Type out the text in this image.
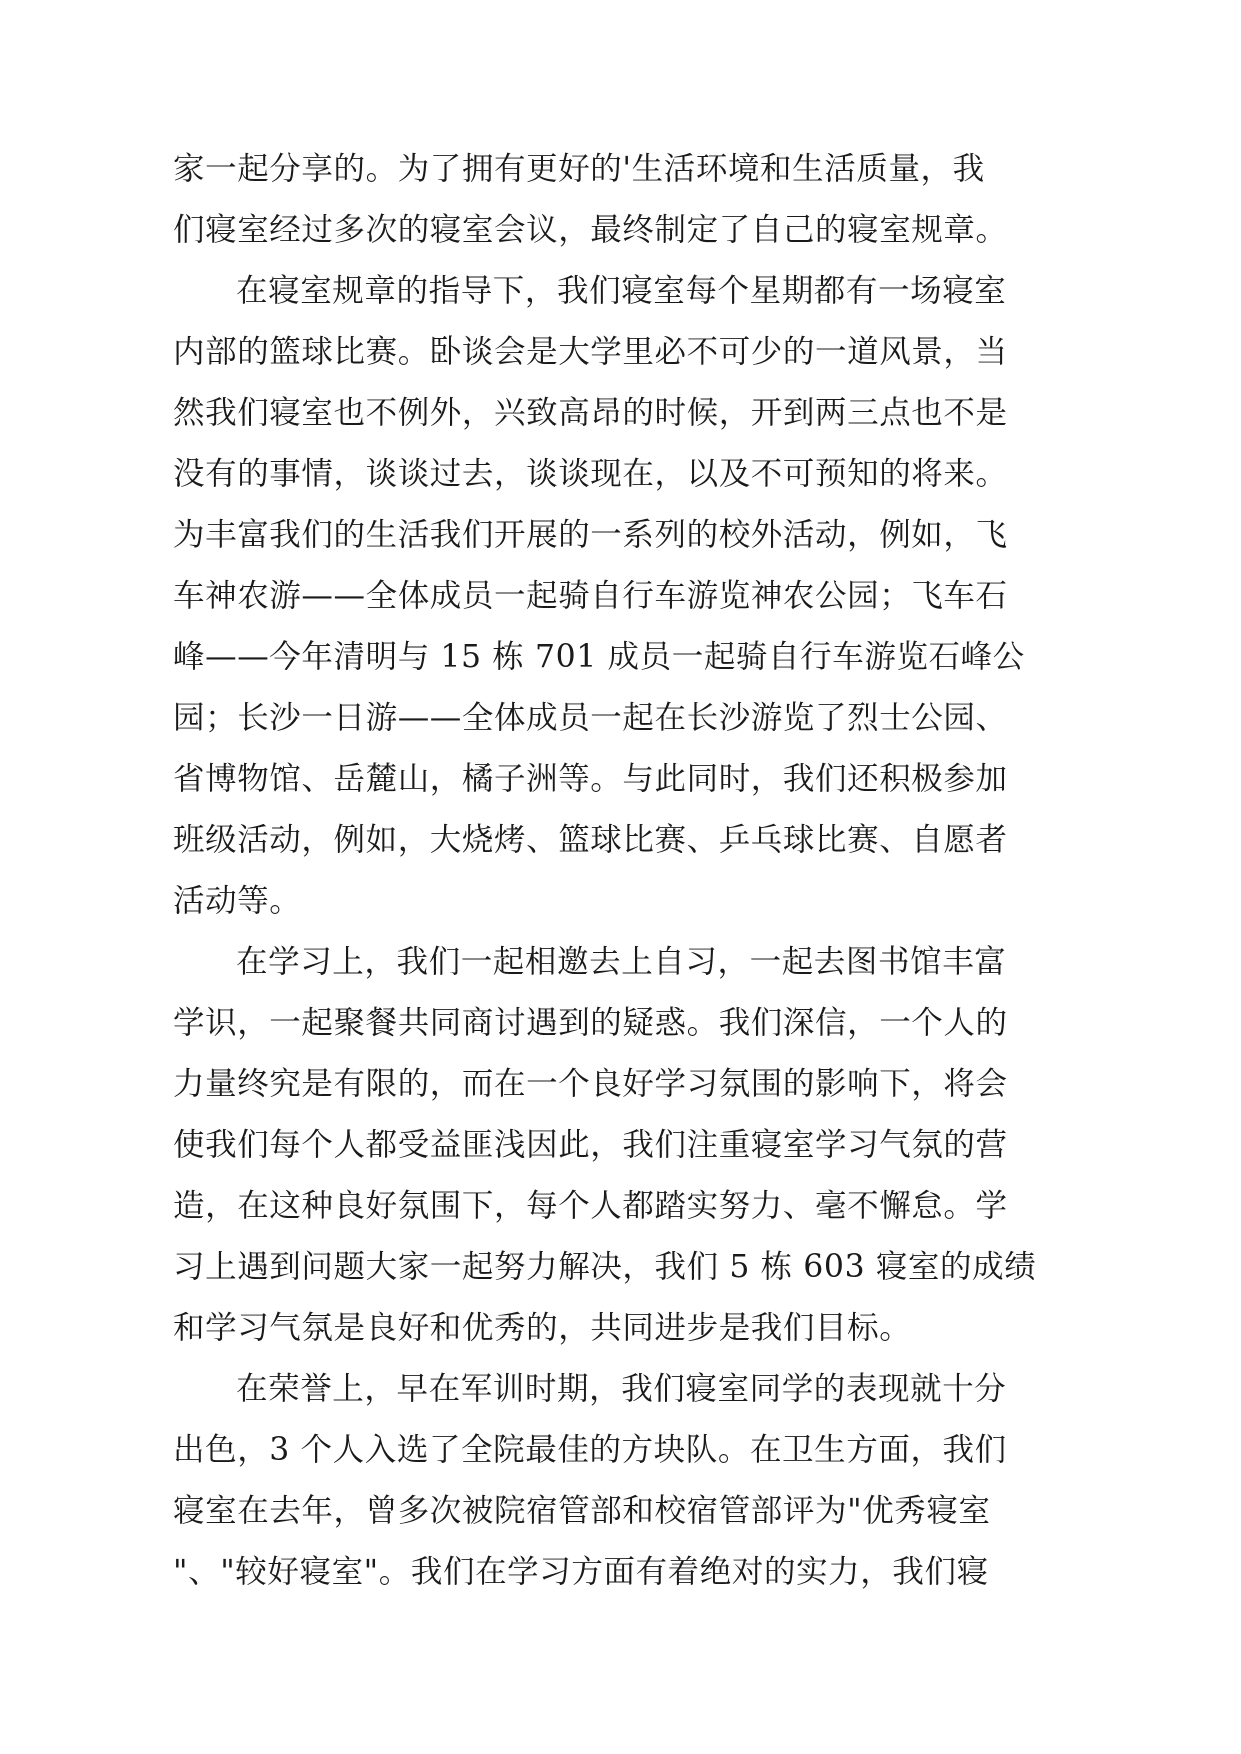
家一起分享的。为了拥有更好的'生活环境和生活质量，我
们寝室经过多次的寝室会议，最终制定了自己的寝室规章。
在寝室规章的指导下，我们寝室每个星期都有一场寝室
内部的篮球比赛。卧谈会是大学里必不可少的一道风景，当
然我们寝室也不例外，兴致高昂的时候，开到两三点也不是
没有的事情，谈谈过去，谈谈现在，以及不可预知的将来。
为丰富我们的生活我们开展的一系列的校外活动，例如，飞
车神农游——全体成员一起骑自行车游览神农公园；飞车石
峰——今年清明与 15 栋 701 成员一起骑自行车游览石峰公
园；长沙一日游——全体成员一起在长沙游览了烈士公园、
省博物馆、岳麓山，橘子洲等。与此同时，我们还积极参加
班级活动，例如，大烧烤、篮球比赛、乒乓球比赛、自愿者
活动等。
在学习上，我们一起相邀去上自习，一起去图书馆丰富
学识，一起聚餐共同商讨遇到的疑惑。我们深信，一个人的
力量终究是有限的，而在一个良好学习氛围的影响下，将会
使我们每个人都受益匪浅因此，我们注重寝室学习气氛的营
造，在这种良好氛围下，每个人都踏实努力、毫不懈怠。学
习上遇到问题大家一起努力解决，我们 5 栋 603 寝室的成绩
和学习气氛是良好和优秀的，共同进步是我们目标。
在荣誉上，早在军训时期，我们寝室同学的表现就十分
出色，3 个人入选了全院最佳的方块队。在卫生方面，我们
寝室在去年，曾多次被院宿管部和校宿管部评为"优秀寝室
"、"较好寝室"。我们在学习方面有着绝对的实力，我们寝
